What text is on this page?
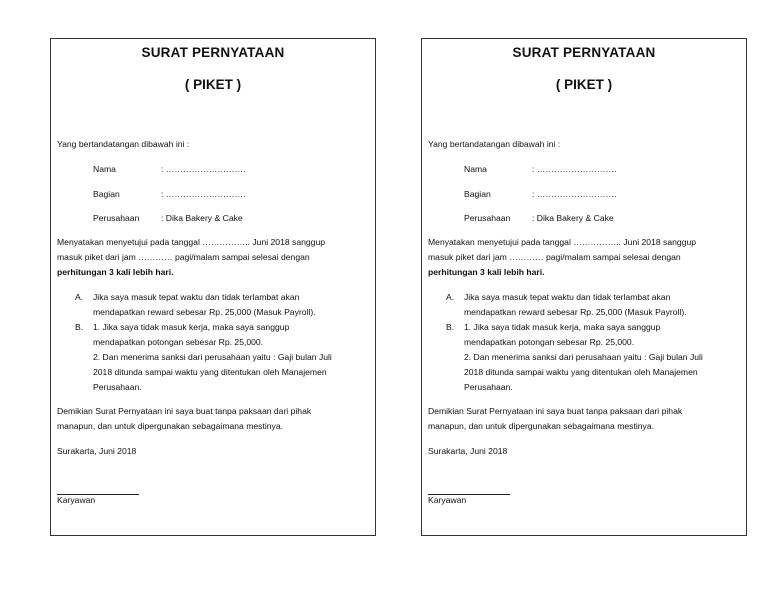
SURAT PERNYATAAN
( PIKET )
Yang bertandatangan dibawah ini :
Nama	: ……………………….
Bagian	: ……………………….
Perusahaan	: Dika Bakery & Cake
Menyatakan menyetujui pada tanggal …………….. Juni 2018 sanggup
masuk piket dari jam ………… pagi/malam sampai selesai dengan
perhitungan 3 kali lebih hari.
A. Jika saya masuk tepat waktu dan tidak terlambat akan
mendapatkan reward sebesar Rp. 25,000 (Masuk Payroll).
B. 1. Jika saya tidak masuk kerja, maka saya sanggup
mendapatkan potongan sebesar Rp. 25,000.
2. Dan menerima sanksi dari perusahaan yaitu : Gaji bulan Juli
2018 ditunda sampai waktu yang ditentukan oleh Manajemen
Perusahaan.
Demikian Surat Pernyataan ini saya buat tanpa paksaan dari pihak
manapun, dan untuk dipergunakan sebagaimana mestinya.
Surakarta, Juni 2018
Karyawan
SURAT PERNYATAAN
( PIKET )
Yang bertandatangan dibawah ini :
Nama	: ……………………….
Bagian	: ……………………….
Perusahaan	: Dika Bakery & Cake
Menyatakan menyetujui pada tanggal …………….. Juni 2018 sanggup
masuk piket dari jam ………… pagi/malam sampai selesai dengan
perhitungan 3 kali lebih hari.
A. Jika saya masuk tepat waktu dan tidak terlambat akan
mendapatkan reward sebesar Rp. 25,000 (Masuk Payroll).
B. 1. Jika saya tidak masuk kerja, maka saya sanggup
mendapatkan potongan sebesar Rp. 25,000.
2. Dan menerima sanksi dari perusahaan yaitu : Gaji bulan Juli
2018 ditunda sampai waktu yang ditentukan oleh Manajemen
Perusahaan.
Demikian Surat Pernyataan ini saya buat tanpa paksaan dari pihak
manapun, dan untuk dipergunakan sebagaimana mestinya.
Surakarta, Juni 2018
Karyawan
